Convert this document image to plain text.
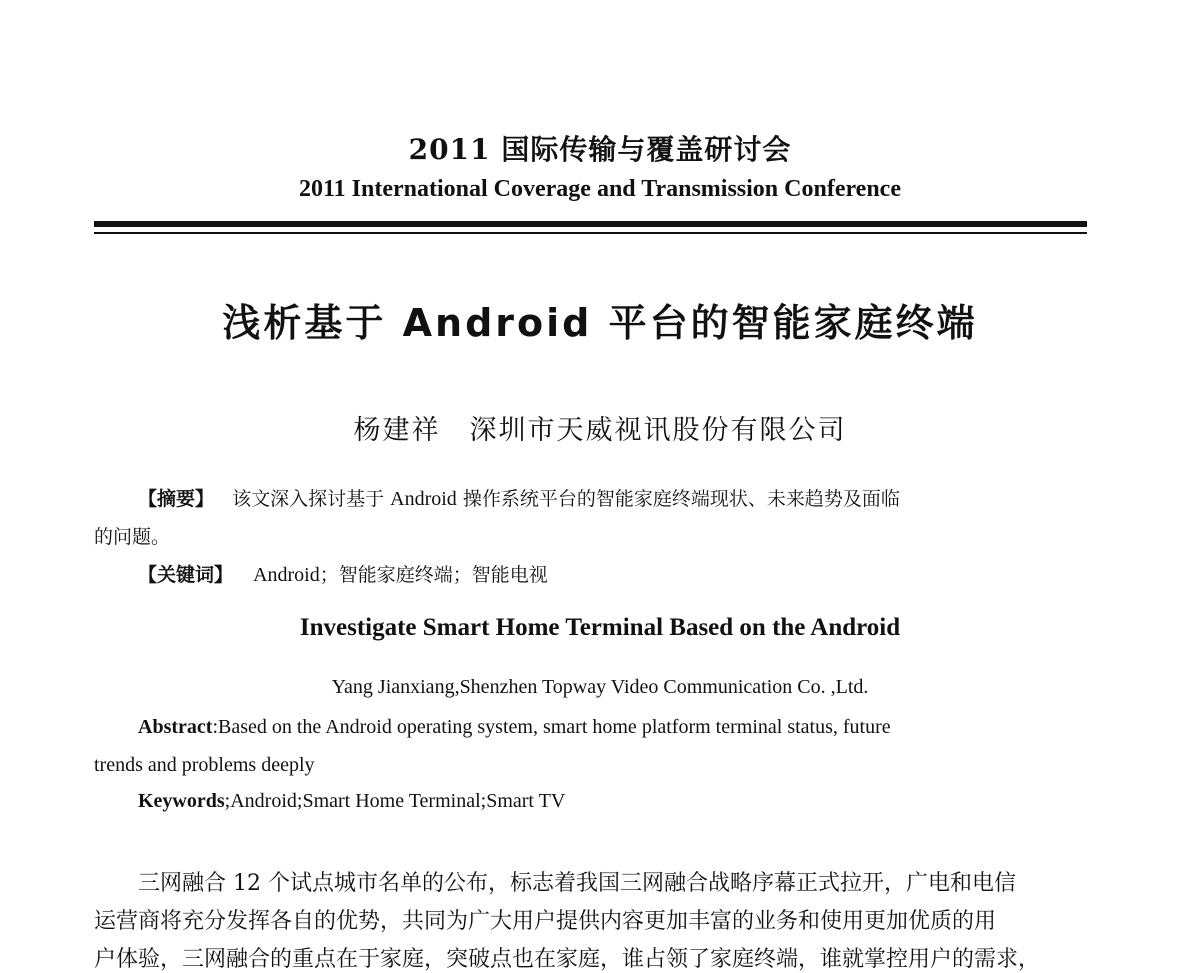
2011 国际传输与覆盖研讨会
2011 International Coverage and Transmission Conference
浅析基于 Android 平台的智能家庭终端
杨建祥　深圳市天威视讯股份有限公司
【摘要】 该文深入探讨基于 Android 操作系统平台的智能家庭终端现状、未来趋势及面临
的问题。
【关键词】 Android；智能家庭终端；智能电视
Investigate Smart Home Terminal Based on the Android
Yang Jianxiang,Shenzhen Topway Video Communication Co. ,Ltd.
Abstract:Based on the Android operating system, smart home platform terminal status, future
trends and problems deeply
Keywords;Android;Smart Home Terminal;Smart TV
三网融合 12 个试点城市名单的公布，标志着我国三网融合战略序幕正式拉开，广电和电信
运营商将充分发挥各自的优势，共同为广大用户提供内容更加丰富的业务和使用更加优质的用
户体验，三网融合的重点在于家庭，突破点也在家庭，谁占领了家庭终端，谁就掌控用户的需求，
